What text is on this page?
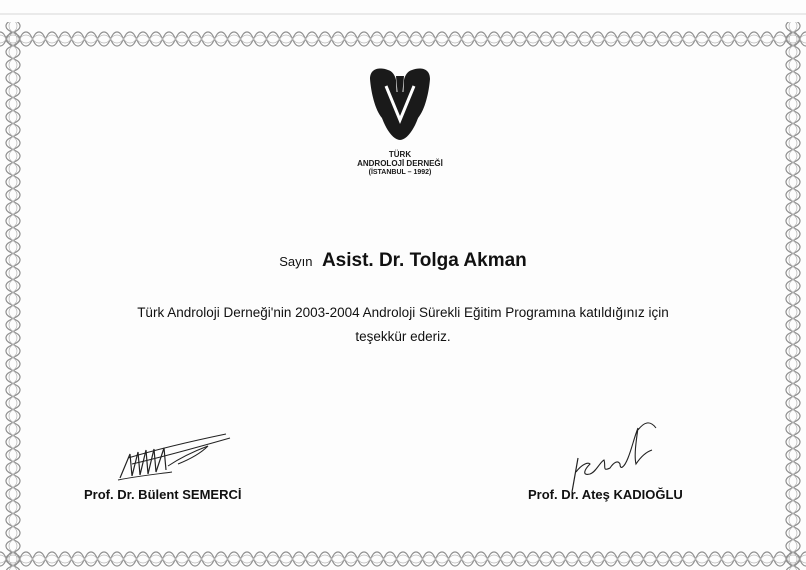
TÜRK
ANDROLOJİ DERNEĞİ
(İSTANBUL – 1992)
Sayın Asist. Dr. Tolga Akman
Türk Androloji Derneği'nin 2003-2004 Androloji Sürekli Eğitim Programına katıldığınız için
teşekkür ederiz.
Prof. Dr. Bülent SEMERCİ	Prof. Dr. Ateş KADIOĞLU
